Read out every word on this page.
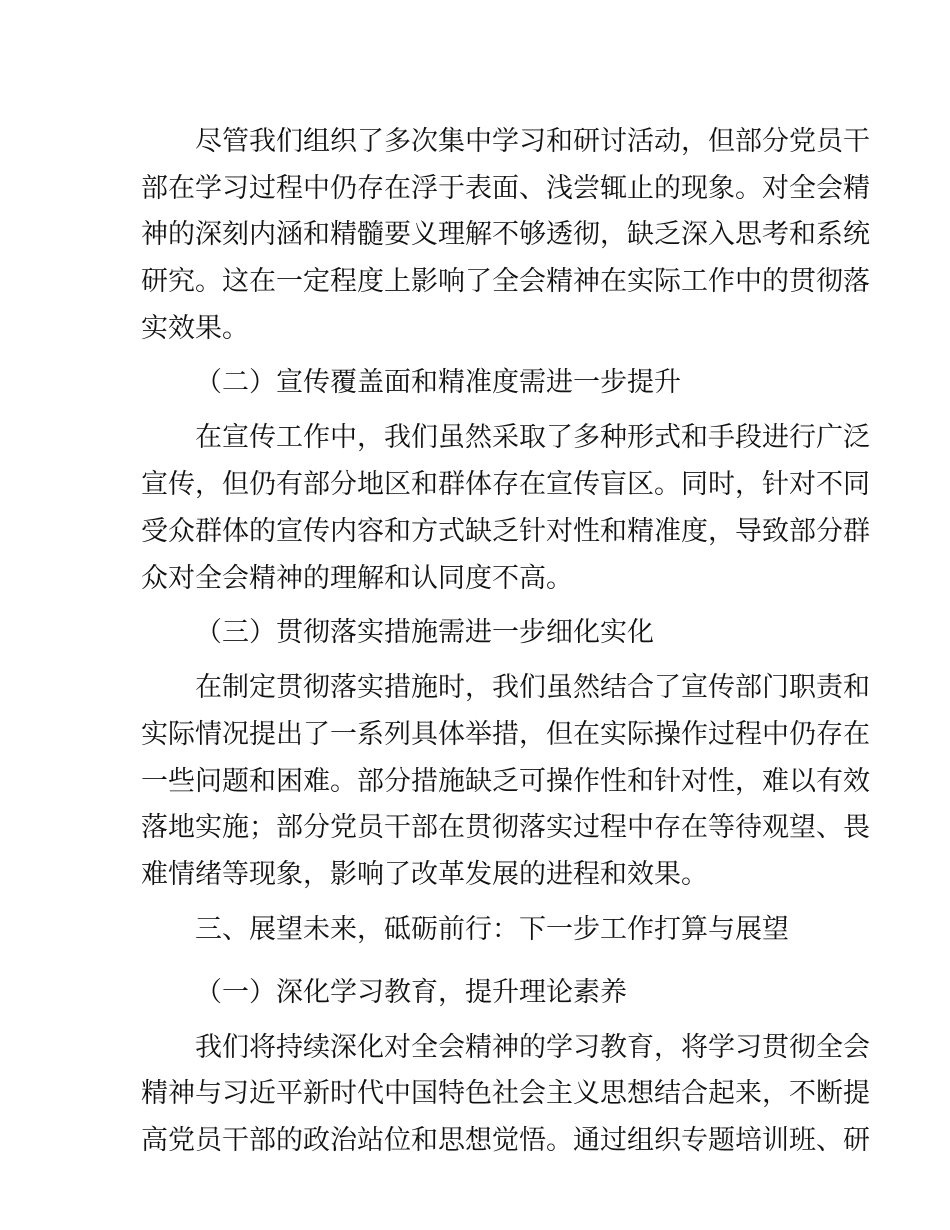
尽管我们组织了多次集中学习和研讨活动，但部分党员干
部在学习过程中仍存在浮于表面、浅尝辄止的现象。对全会精
神的深刻内涵和精髓要义理解不够透彻，缺乏深入思考和系统
研究。这在一定程度上影响了全会精神在实际工作中的贯彻落
实效果。
（二）宣传覆盖面和精准度需进一步提升
在宣传工作中，我们虽然采取了多种形式和手段进行广泛
宣传，但仍有部分地区和群体存在宣传盲区。同时，针对不同
受众群体的宣传内容和方式缺乏针对性和精准度，导致部分群
众对全会精神的理解和认同度不高。
（三）贯彻落实措施需进一步细化实化
在制定贯彻落实措施时，我们虽然结合了宣传部门职责和
实际情况提出了一系列具体举措，但在实际操作过程中仍存在
一些问题和困难。部分措施缺乏可操作性和针对性，难以有效
落地实施；部分党员干部在贯彻落实过程中存在等待观望、畏
难情绪等现象，影响了改革发展的进程和效果。
三、展望未来，砥砺前行：下一步工作打算与展望
（一）深化学习教育，提升理论素养
我们将持续深化对全会精神的学习教育，将学习贯彻全会
精神与习近平新时代中国特色社会主义思想结合起来，不断提
高党员干部的政治站位和思想觉悟。通过组织专题培训班、研
